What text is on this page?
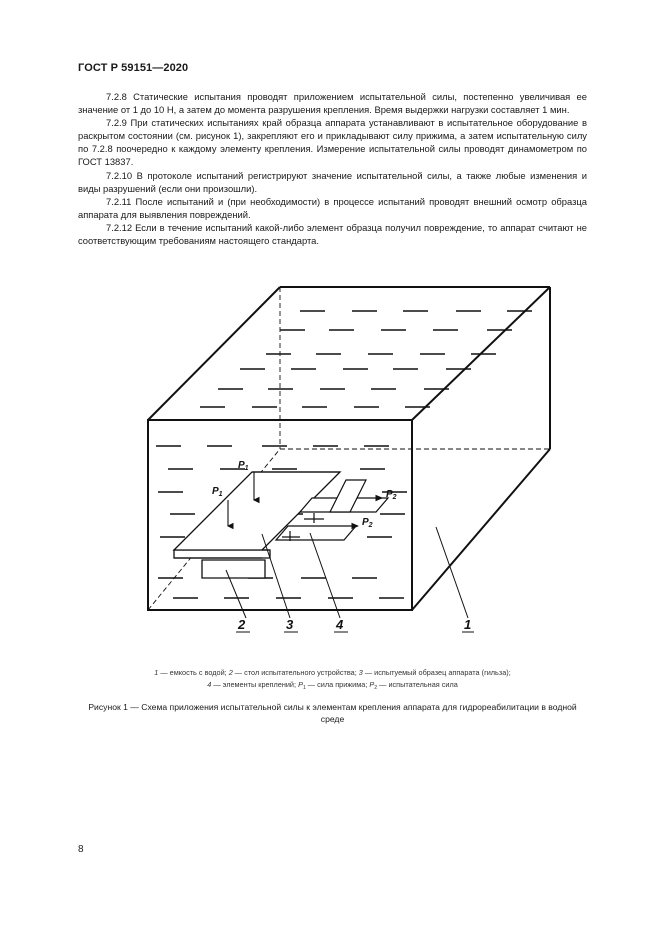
ГОСТ Р 59151—2020

7.2.8 Статические испытания проводят приложением испытательной силы, постепенно увеличивая ее значение от 1 до 10 Н, а затем до момента разрушения крепления. Время выдержки нагрузки составляет 1 мин.

7.2.9 При статических испытаниях край образца аппарата устанавливают в испытательное оборудование в раскрытом состоянии (см. рисунок 1), закрепляют его и прикладывают силу прижима, а затем испытательную силу по 7.2.8 поочередно к каждому элементу крепления. Измерение испытательной силы проводят динамометром по ГОСТ 13837.

7.2.10 В протоколе испытаний регистрируют значение испытательной силы, а также любые изменения и виды разрушений (если они произошли).

7.2.11 После испытаний и (при необходимости) в процессе испытаний проводят внешний осмотр образца аппарата для выявления повреждений.

7.2.12 Если в течение испытаний какой-либо элемент образца получил повреждение, то аппарат считают не соответствующим требованиям настоящего стандарта.

$P_1$
$P_1$	$P_2$
$P_2$
2	3	4	1
1 — емкость с водой; 2 — стол испытательного устройства; 3 — испытуемый образец аппарата (гильза);
4 — элементы креплений; $P_1$ — сила прижима; $P_2$ — испытательная сила
Рисунок 1 — Схема приложения испытательной силы к элементам крепления аппарата для гидрореабилитации в водной среде
8
